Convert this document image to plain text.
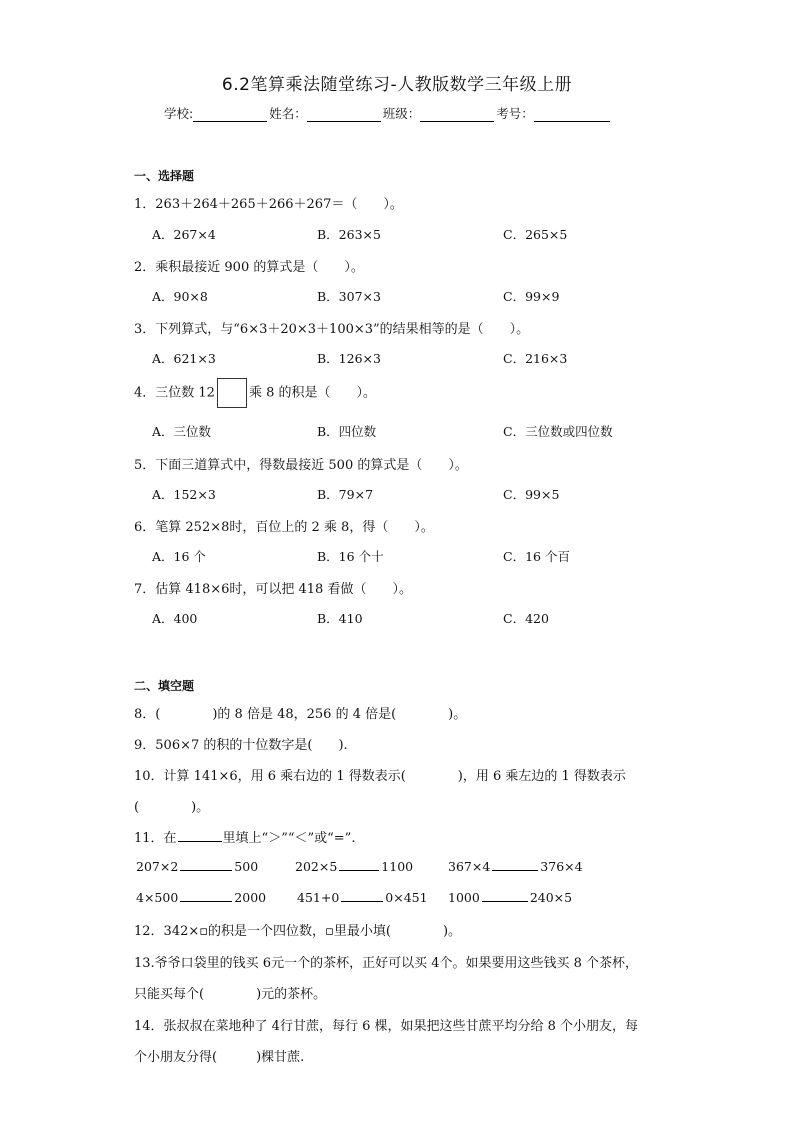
6.2笔算乘法随堂练习-人教版数学三年级上册
学校:	姓名：	班级：	考号：
一、选择题
1．263＋264＋265＋266＋267＝（　　）。
A．267×4	B．263×5	C．265×5
2．乘积最接近 900 的算式是（　　）。
A．90×8	B．307×3	C．99×9
3．下列算式，与“6×3＋20×3＋100×3”的结果相等的是（　　）。
A．621×3	B．126×3	C．216×3
4．三位数 12	乘 8 的积是（　　）。
A．三位数	B．四位数	C．三位数或四位数
5．下面三道算式中，得数最接近 500 的算式是（　　）。
A．152×3	B．79×7	C．99×5
6．笔算 252×8时，百位上的 2 乘 8，得（　　）。
A．16 个	B．16 个十	C．16 个百
7．估算 418×6时，可以把 418 看做（　　）。
A．400	B．410	C．420
二、填空题
8．(　　　　)的 8 倍是 48，256 的 4 倍是(　　　　)。
9．506×7 的积的十位数字是(　　).
10．计算 141×6，用 6 乘右边的 1 得数表示(　　　　)，用 6 乘左边的 1 得数表示
(　　　　)。
11．在	里填上“＞”“＜”或“=”.
207×2	500	202×5	1100	367×4	376×4
4×500	2000 451+0	0×451 1000	240×5
12．342×▫的积是一个四位数，▫里最小填(　　　　)。
13.爷爷口袋里的钱买 6元一个的茶杯，正好可以买 4个。如果要用这些钱买 8 个茶杯，
只能买每个(　　　　)元的茶杯。
14．张叔叔在菜地种了 4行甘蔗，每行 6 棵，如果把这些甘蔗平均分给 8 个小朋友，每
个小朋友分得(　　　)棵甘蔗.
